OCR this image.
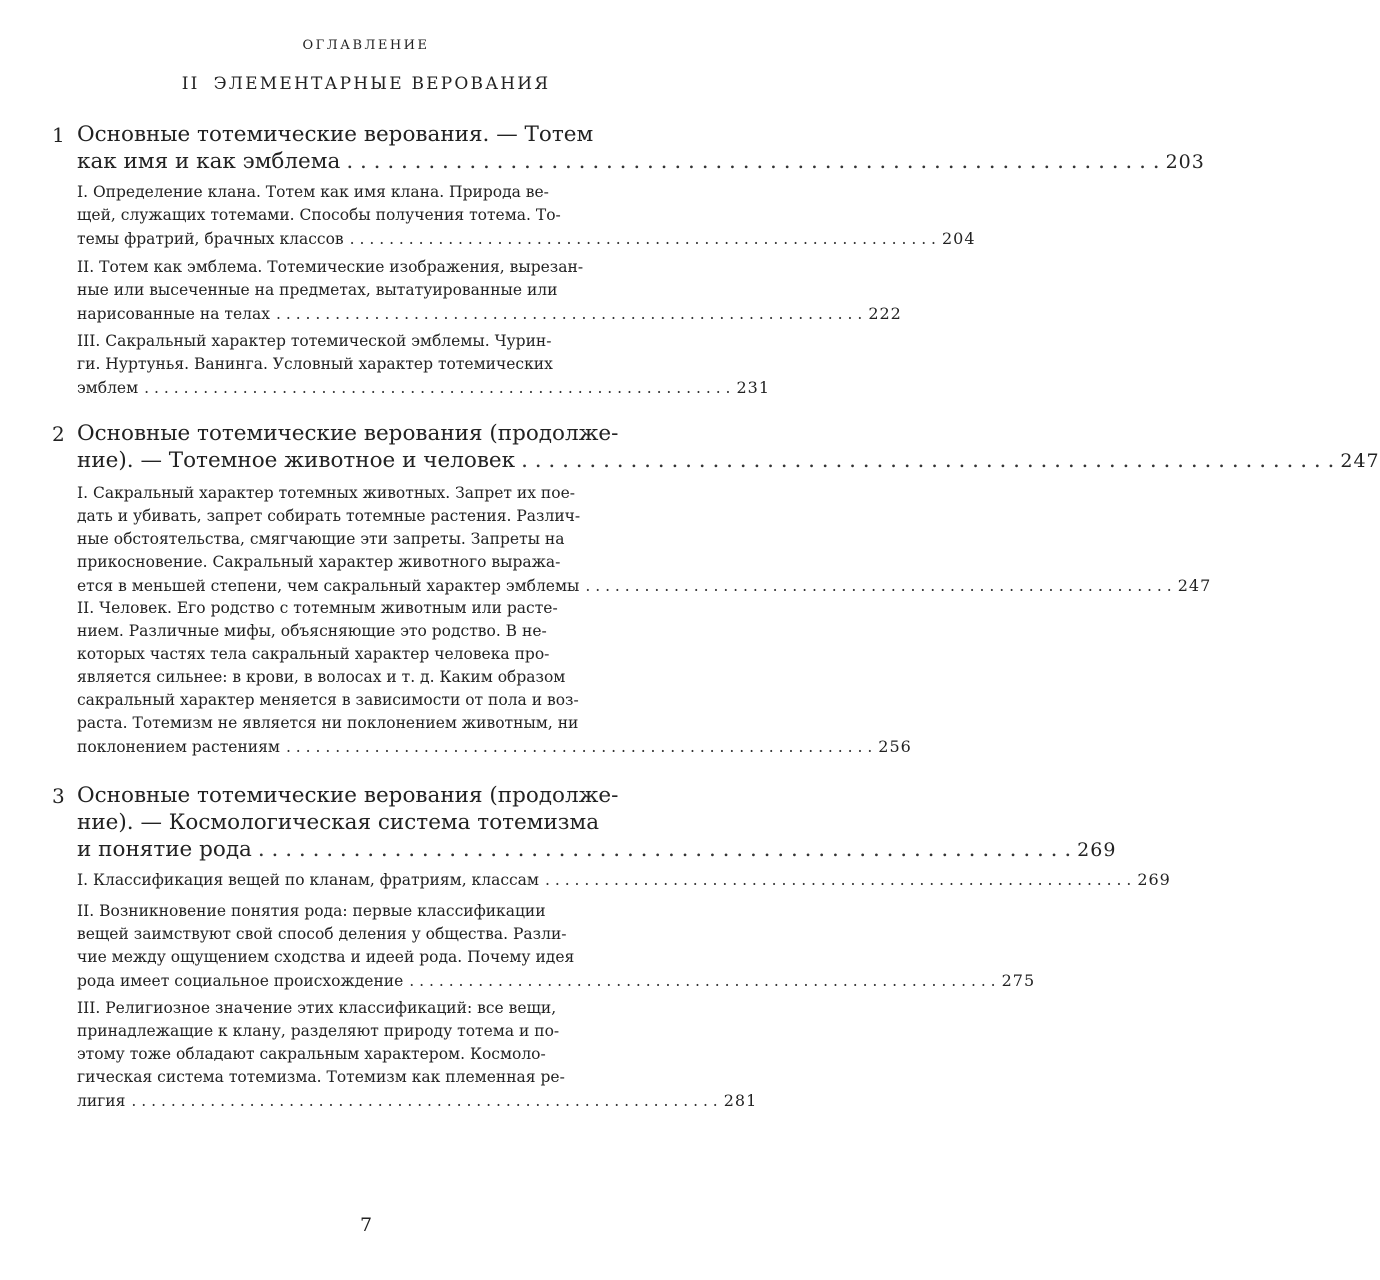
ОГЛАВЛЕНИЕ
II ЭЛЕМЕНТАРНЫЕ ВЕРОВАНИЯ
1 Основные тотемические верования. — Тотем
как имя и как эмблема . . . . . . . . . . . . . . . . . . . . . . . . . . . . . . . . . . . . . . . . . . . . . . . . . . . . . . . . . . . . 203
I. Определение клана. Тотем как имя клана. Природа ве-
щей, служащих тотемами. Способы получения тотема. То-
темы фратрий, брачных классов . . . . . . . . . . . . . . . . . . . . . . . . . . . . . . . . . . . . . . . . . . . . . . . . . . . . . . . . . . . . 204
II. Тотем как эмблема. Тотемические изображения, вырезан-
ные или высеченные на предметах, вытатуированные или
нарисованные на телах . . . . . . . . . . . . . . . . . . . . . . . . . . . . . . . . . . . . . . . . . . . . . . . . . . . . . . . . . . . . 222
III. Сакральный характер тотемической эмблемы. Чурин-
ги. Нуртунья. Ванинга. Условный характер тотемических
эмблем . . . . . . . . . . . . . . . . . . . . . . . . . . . . . . . . . . . . . . . . . . . . . . . . . . . . . . . . . . . . 231
2 Основные тотемические верования (продолже-
ние). — Тотемное животное и человек . . . . . . . . . . . . . . . . . . . . . . . . . . . . . . . . . . . . . . . . . . . . . . . . . . . . . . . . . . . . 247
I. Сакральный характер тотемных животных. Запрет их пое-
дать и убивать, запрет собирать тотемные растения. Различ-
ные обстоятельства, смягчающие эти запреты. Запреты на
прикосновение. Сакральный характер животного выража-
ется в меньшей степени, чем сакральный характер эмблемы . . . . . . . . . . . . . . . . . . . . . . . . . . . . . . . . . . . . . . . . . . . . . . . . . . . . . . . . . . . . 247
II. Человек. Его родство с тотемным животным или расте-
нием. Различные мифы, объясняющие это родство. В не-
которых частях тела сакральный характер человека про-
является сильнее: в крови, в волосах и т. д. Каким образом
сакральный характер меняется в зависимости от пола и воз-
раста. Тотемизм не является ни поклонением животным, ни
поклонением растениям . . . . . . . . . . . . . . . . . . . . . . . . . . . . . . . . . . . . . . . . . . . . . . . . . . . . . . . . . . . . 256
3 Основные тотемические верования (продолже-
ние). — Космологическая система тотемизма
и понятие рода . . . . . . . . . . . . . . . . . . . . . . . . . . . . . . . . . . . . . . . . . . . . . . . . . . . . . . . . . . . . 269
I. Классификация вещей по кланам, фратриям, классам . . . . . . . . . . . . . . . . . . . . . . . . . . . . . . . . . . . . . . . . . . . . . . . . . . . . . . . . . . . . 269
II. Возникновение понятия рода: первые классификации
вещей заимствуют свой способ деления у общества. Разли-
чие между ощущением сходства и идеей рода. Почему идея
рода имеет социальное происхождение . . . . . . . . . . . . . . . . . . . . . . . . . . . . . . . . . . . . . . . . . . . . . . . . . . . . . . . . . . . . 275
III. Религиозное значение этих классификаций: все вещи,
принадлежащие к клану, разделяют природу тотема и по-
этому тоже обладают сакральным характером. Космоло-
гическая система тотемизма. Тотемизм как племенная ре-
лигия . . . . . . . . . . . . . . . . . . . . . . . . . . . . . . . . . . . . . . . . . . . . . . . . . . . . . . . . . . . . 281
7
